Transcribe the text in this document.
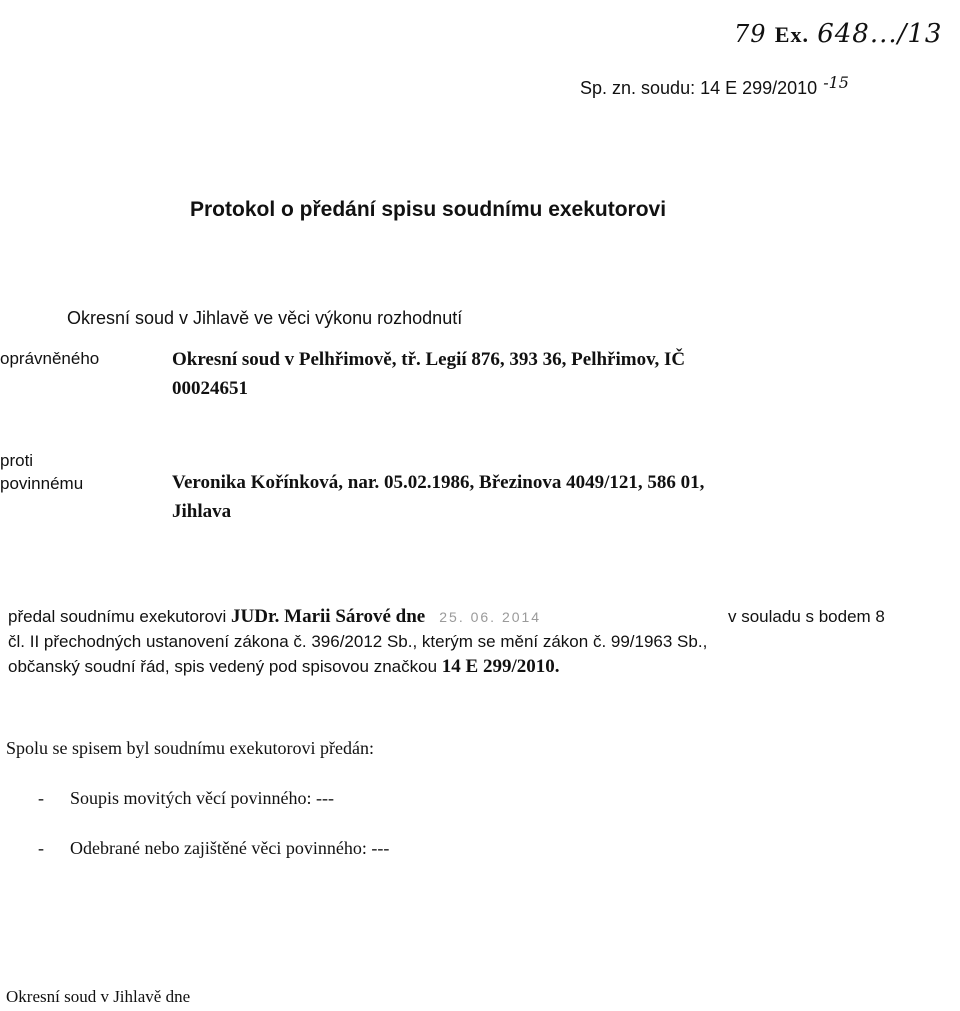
79 Ex. 648.../13
Sp. zn. soudu: 14 E 299/2010 -15
Protokol o předání spisu soudnímu exekutorovi
Okresní soud v Jihlavě ve věci výkonu rozhodnutí
oprávněného	Okresní soud v Pelhřimově, tř. Legií 876, 393 36, Pelhřimov, IČ
00024651
proti
povinnému	Veronika Kořínková, nar. 05.02.1986, Březinova 4049/121, 586 01,
Jihlava
předal soudnímu exekutorovi JUDr. Marii Sárové dne 25. 06. 2014	v souladu s bodem 8
čl. II přechodných ustanovení zákona č. 396/2012 Sb., kterým se mění zákon č. 99/1963 Sb.,
občanský soudní řád, spis vedený pod spisovou značkou 14 E 299/2010.
Spolu se spisem byl soudnímu exekutorovi předán:
- Soupis movitých věcí povinného: ---
- Odebrané nebo zajištěné věci povinného: ---
Okresní soud v Jihlavě dne
